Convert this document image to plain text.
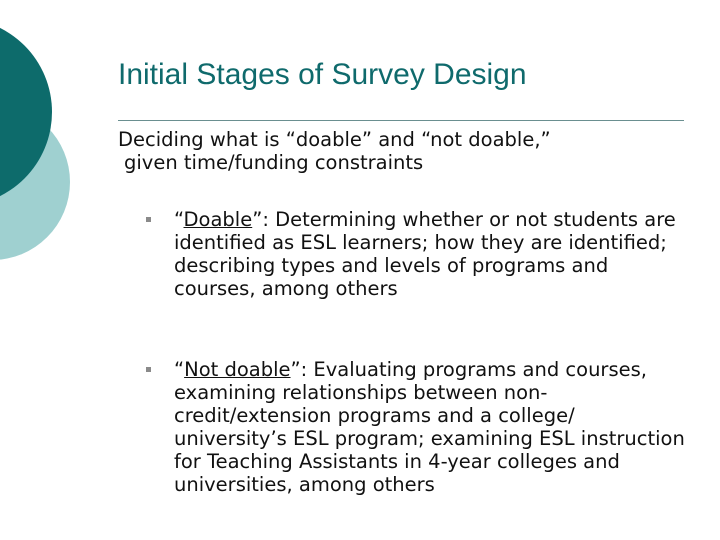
Initial Stages of Survey Design

Deciding what is “doable” and “not doable,”
given time/funding constraints

“Doable”: Determining whether or not students are identified as ESL learners; how they are identified; describing types and levels of programs and courses, among others

“Not doable”: Evaluating programs and courses, examining relationships between non-credit/extension programs and a college/ university’s ESL program; examining ESL instruction for Teaching Assistants in 4-year colleges and universities, among others
